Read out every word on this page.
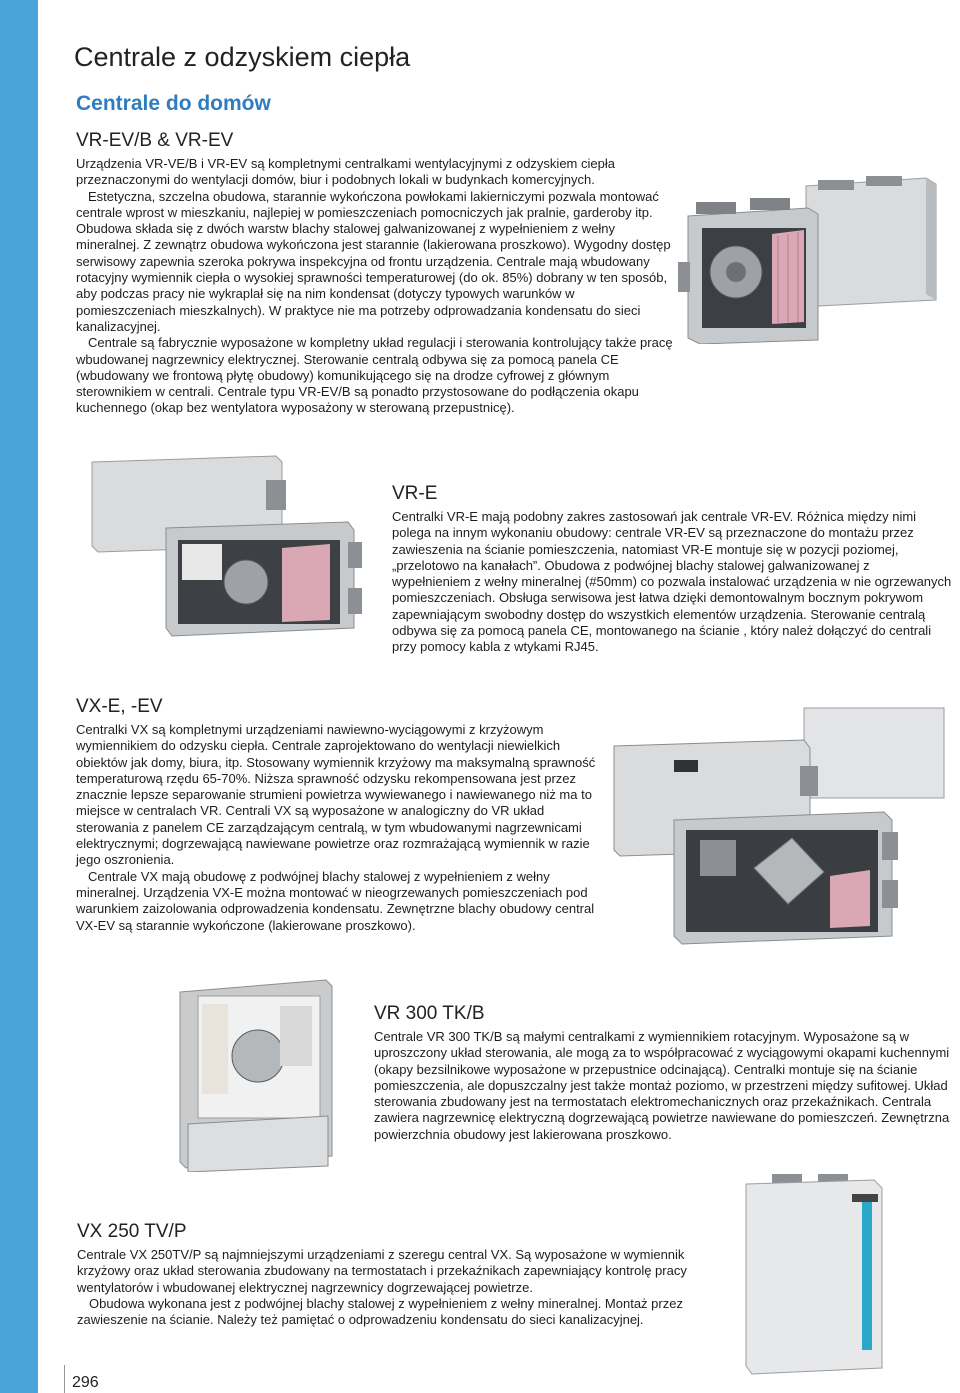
Centrale z odzyskiem ciepła
Centrale do domów
VR-EV/B & VR-EV

Urządzenia VR-VE/B i VR-EV są kompletnymi centralkami wentylacyjnymi z odzyskiem ciepła przeznaczonymi do wentylacji domów, biur i podobnych lokali w budynkach komercyjnych.

Estetyczna, szczelna obudowa, starannie wykończona powłokami lakierniczymi pozwala montować centrale wprost w mieszkaniu, najlepiej w pomieszczeniach pomocniczych jak pralnie, garderoby itp. Obudowa składa się z dwóch warstw blachy stalowej galwanizowanej z wypełnieniem z wełny mineralnej. Z zewnątrz obudowa wykończona jest starannie (lakierowana proszkowo). Wygodny dostęp serwisowy zapewnia szeroka pokrywa inspekcyjna od frontu urządzenia. Centrale mają wbudowany rotacyjny wymiennik ciepła o wysokiej sprawności temperaturowej (do ok. 85%) dobrany w ten sposób, aby podczas pracy nie wykraplał się na nim kondensat (dotyczy typowych warunków w pomieszczeniach mieszkalnych). W praktyce nie ma potrzeby odprowadzania kondensatu do sieci kanalizacyjnej.

Centrale są fabrycznie wyposażone w kompletny układ regulacji i sterowania kontrolujący także pracę wbudowanej nagrzewnicy elektrycznej. Sterowanie centralą odbywa się za pomocą panela CE (wbudowany we frontową płytę obudowy) komunikującego się na drodze cyfrowej z głównym sterownikiem w centrali. Centrale typu VR-EV/B są ponadto przystosowane do podłączenia okapu kuchennego (okap bez wentylatora wyposażony w sterowaną przepustnicę).

VR-E

Centralki VR-E mają podobny zakres zastosowań jak centrale VR-EV. Różnica między nimi polega na innym wykonaniu obudowy: centrale VR-EV są przeznaczone do montażu przez zawieszenia na ścianie pomieszczenia, natomiast VR-E montuje się w pozycji poziomej, „przelotowo na kanałach”. Obudowa z podwójnej blachy stalowej galwanizowanej z wypełnieniem z wełny mineralnej (#50mm) co pozwala instalować urządzenia w nie ogrzewanych pomieszczeniach. Obsługa serwisowa jest łatwa dzięki demontowalnym bocznym pokrywom zapewniającym swobodny dostęp do wszystkich elementów urządzenia. Sterowanie centralą odbywa się za pomocą panela CE, montowanego na ścianie , który należ dołączyć do centrali przy pomocy kabla z wtykami RJ45.

VX-E, -EV

Centralki VX są kompletnymi urządzeniami nawiewno-wyciągowymi z krzyżowym wymiennikiem do odzysku ciepła. Centrale zaprojektowano do wentylacji niewielkich obiektów jak domy, biura, itp. Stosowany wymiennik krzyżowy ma maksymalną sprawność temperaturową rzędu 65-70%. Niższa sprawność odzysku rekompensowana jest przez znacznie lepsze separowanie strumieni powietrza wywiewanego i nawiewanego niż ma to miejsce w centralach VR. Centrali VX są wyposażone w analogiczny do VR układ sterowania z panelem CE zarządzającym centralą, w tym wbudowanymi nagrzewnicami elektrycznymi; dogrzewającą nawiewane powietrze oraz rozmrażającą wymiennik w razie jego oszronienia.

Centrale VX mają obudowę z podwójnej blachy stalowej z wypełnieniem z wełny mineralnej. Urządzenia VX-E można montować w nieogrzewanych pomieszczeniach pod warunkiem zaizolowania odprowadzenia kondensatu. Zewnętrzne blachy obudowy central VX-EV są starannie wykończone (lakierowane proszkowo).

VR 300 TK/B

Centrale VR 300 TK/B są małymi centralkami z wymiennikiem rotacyjnym. Wyposażone są w uproszczony układ sterowania, ale mogą za to współpracować z wyciągowymi okapami kuchennymi (okapy bezsilnikowe wyposażone w przepustnice odcinającą). Centralki montuje się na ścianie pomieszczenia, ale dopuszczalny jest także montaż poziomo, w przestrzeni między sufitowej. Układ sterowania zbudowany jest na termostatach elektromechanicznych oraz przekaźnikach. Centrala zawiera nagrzewnicę elektryczną dogrzewającą powietrze nawiewane do pomieszczeń. Zewnętrzna powierzchnia obudowy jest lakierowana proszkowo.

VX 250 TV/P

Centrale VX 250TV/P są najmniejszymi urządzeniami z szeregu central VX. Są wyposażone w wymiennik krzyżowy oraz układ sterowania zbudowany na termostatach i przekaźnikach zapewniający kontrolę pracy wentylatorów i wbudowanej elektrycznej nagrzewnicy dogrzewającej powietrze.

Obudowa wykonana jest z podwójnej blachy stalowej z wypełnieniem z wełny mineralnej. Montaż przez zawieszenie na ścianie. Należy też pamiętać o odprowadzeniu kondensatu do sieci kanalizacyjnej.

296
